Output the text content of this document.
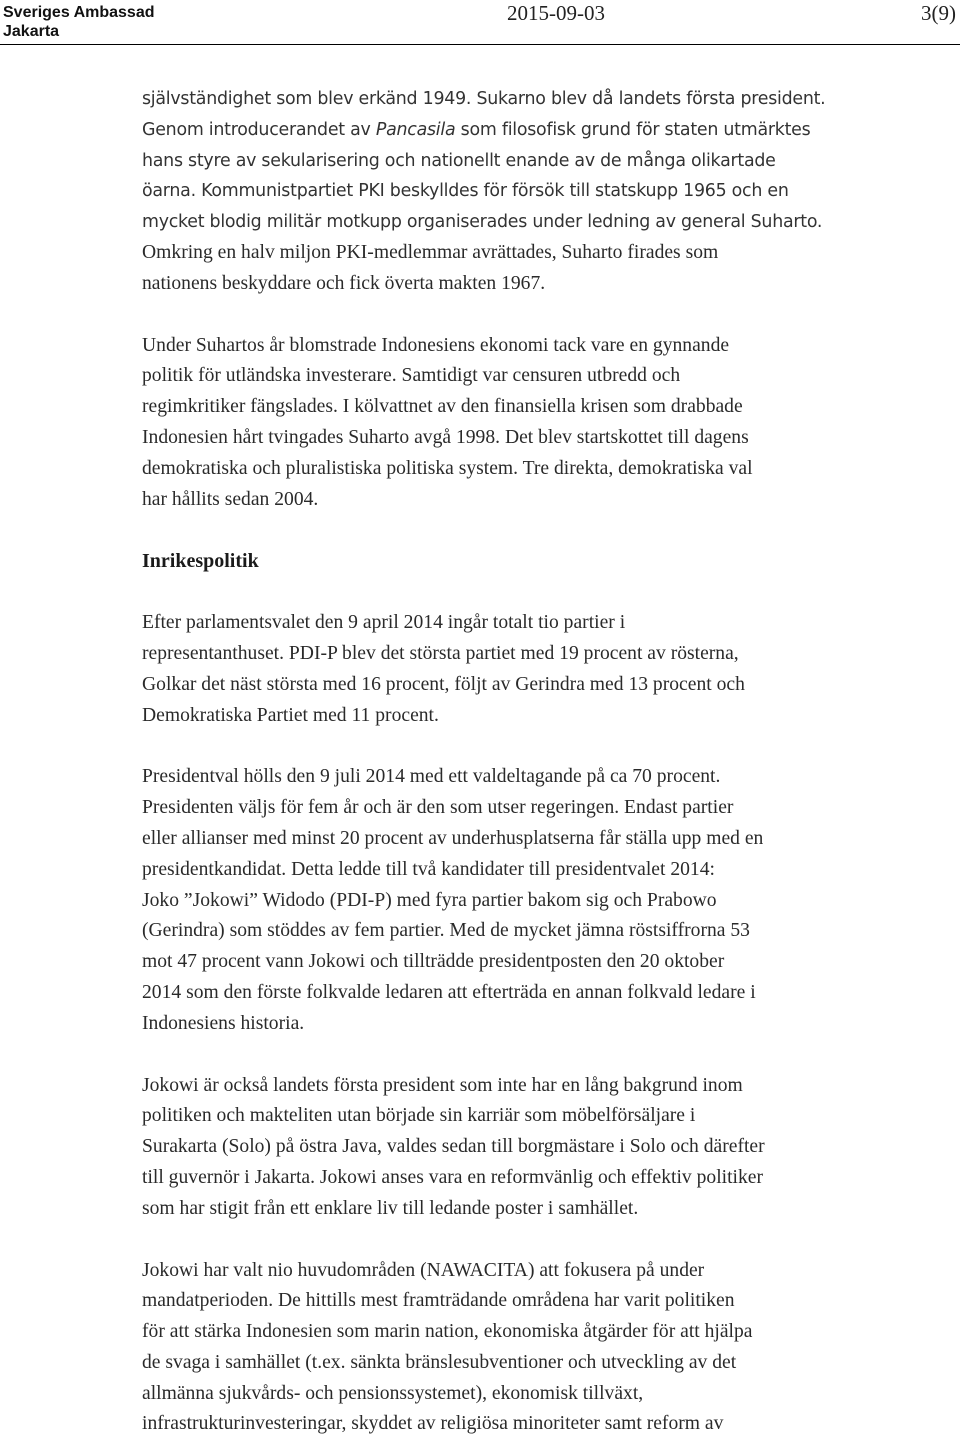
Sveriges Ambassad
Jakarta
2015-09-03	3(9)

självständighet som blev erkänd 1949. Sukarno blev då landets första president.
Genom introducerandet av Pancasila som filosofisk grund för staten utmärktes
hans styre av sekularisering och nationellt enande av de många olikartade
öarna. Kommunistpartiet PKI beskylldes för försök till statskupp 1965 och en
mycket blodig militär motkupp organiserades under ledning av general Suharto.
Omkring en halv miljon PKI-medlemmar avrättades, Suharto firades som
nationens beskyddare och fick överta makten 1967.

Under Suhartos år blomstrade Indonesiens ekonomi tack vare en gynnande
politik för utländska investerare. Samtidigt var censuren utbredd och
regimkritiker fängslades. I kölvattnet av den finansiella krisen som drabbade
Indonesien hårt tvingades Suharto avgå 1998. Det blev startskottet till dagens
demokratiska och pluralistiska politiska system. Tre direkta, demokratiska val
har hållits sedan 2004.

Inrikespolitik

Efter parlamentsvalet den 9 april 2014 ingår totalt tio partier i
representanthuset. PDI-P blev det största partiet med 19 procent av rösterna,
Golkar det näst största med 16 procent, följt av Gerindra med 13 procent och
Demokratiska Partiet med 11 procent.

Presidentval hölls den 9 juli 2014 med ett valdeltagande på ca 70 procent.
Presidenten väljs för fem år och är den som utser regeringen. Endast partier
eller allianser med minst 20 procent av underhusplatserna får ställa upp med en
presidentkandidat. Detta ledde till två kandidater till presidentvalet 2014:
Joko ”Jokowi” Widodo (PDI-P) med fyra partier bakom sig och Prabowo
(Gerindra) som stöddes av fem partier. Med de mycket jämna röstsiffrorna 53
mot 47 procent vann Jokowi och tillträdde presidentposten den 20 oktober
2014 som den förste folkvalde ledaren att efterträda en annan folkvald ledare i
Indonesiens historia.

Jokowi är också landets första president som inte har en lång bakgrund inom
politiken och makteliten utan började sin karriär som möbelförsäljare i
Surakarta (Solo) på östra Java, valdes sedan till borgmästare i Solo och därefter
till guvernör i Jakarta. Jokowi anses vara en reformvänlig och effektiv politiker
som har stigit från ett enklare liv till ledande poster i samhället.

Jokowi har valt nio huvudområden (NAWACITA) att fokusera på under
mandatperioden. De hittills mest framträdande områdena har varit politiken
för att stärka Indonesien som marin nation, ekonomiska åtgärder för att hjälpa
de svaga i samhället (t.ex. sänkta bränslesubventioner och utveckling av det
allmänna sjukvårds- och pensionssystemet), ekonomisk tillväxt,
infrastrukturinvesteringar, skyddet av religiösa minoriteter samt reform av
